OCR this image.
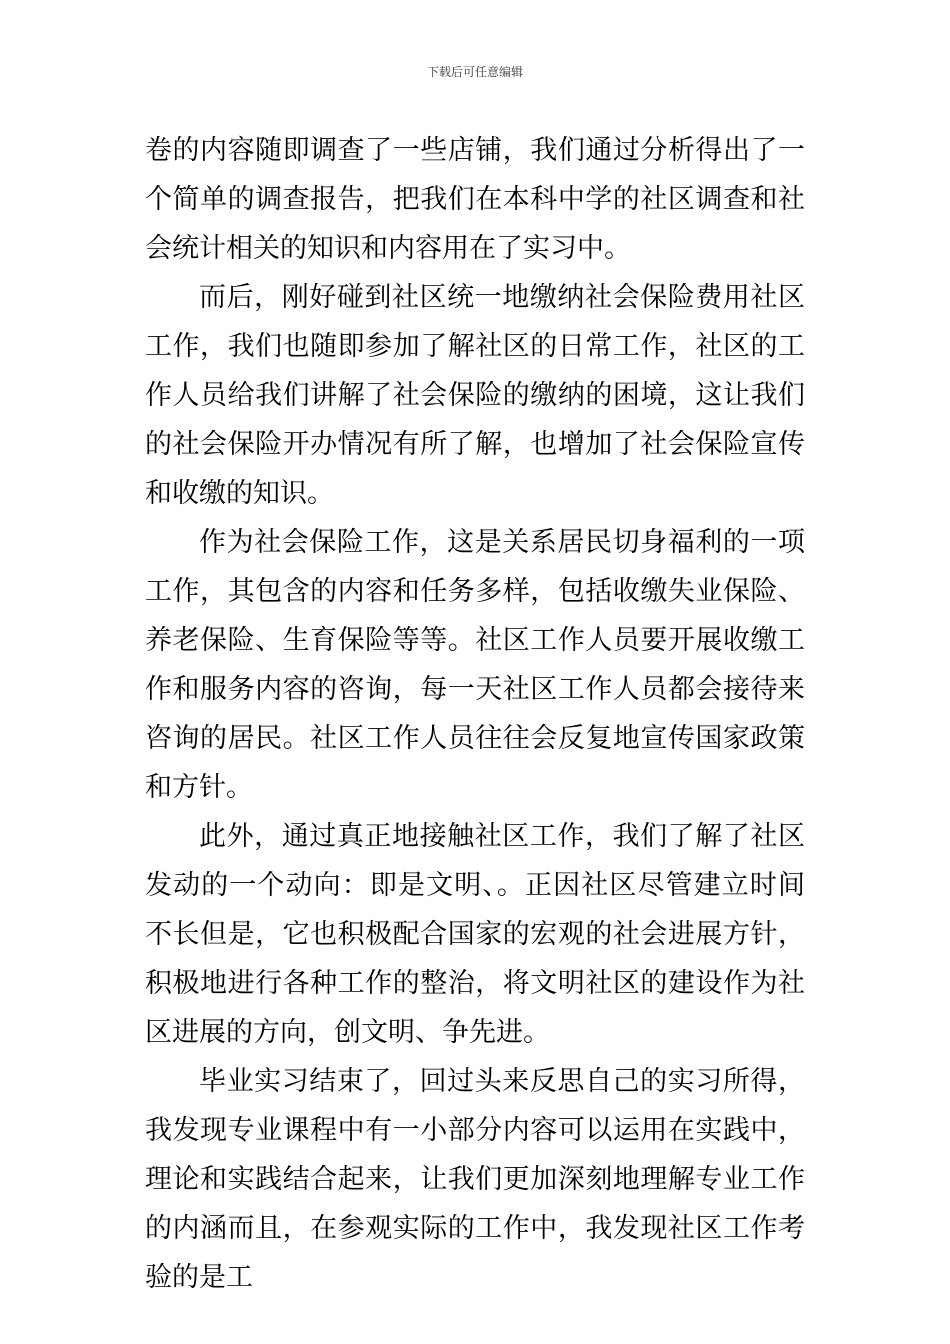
下载后可任意编辑

卷的内容随即调查了一些店铺，我们通过分析得出了一个简单的调查报告，把我们在本科中学的社区调查和社会统计相关的知识和内容用在了实习中。

而后，刚好碰到社区统一地缴纳社会保险费用社区工作，我们也随即参加了解社区的日常工作，社区的工作人员给我们讲解了社会保险的缴纳的困境，这让我们的社会保险开办情况有所了解，也增加了社会保险宣传和收缴的知识。

作为社会保险工作，这是关系居民切身福利的一项工作，其包含的内容和任务多样，包括收缴失业保险、养老保险、生育保险等等。社区工作人员要开展收缴工作和服务内容的咨询，每一天社区工作人员都会接待来咨询的居民。社区工作人员往往会反复地宣传国家政策和方针。

此外，通过真正地接触社区工作，我们了解了社区发动的一个动向：即是文明、。正因社区尽管建立时间不长但是，它也积极配合国家的宏观的社会进展方针，积极地进行各种工作的整治，将文明社区的建设作为社区进展的方向，创文明、争先进。

毕业实习结束了，回过头来反思自己的实习所得，我发现专业课程中有一小部分内容可以运用在实践中，理论和实践结合起来，让我们更加深刻地理解专业工作的内涵而且，在参观实际的工作中，我发现社区工作考验的是工
